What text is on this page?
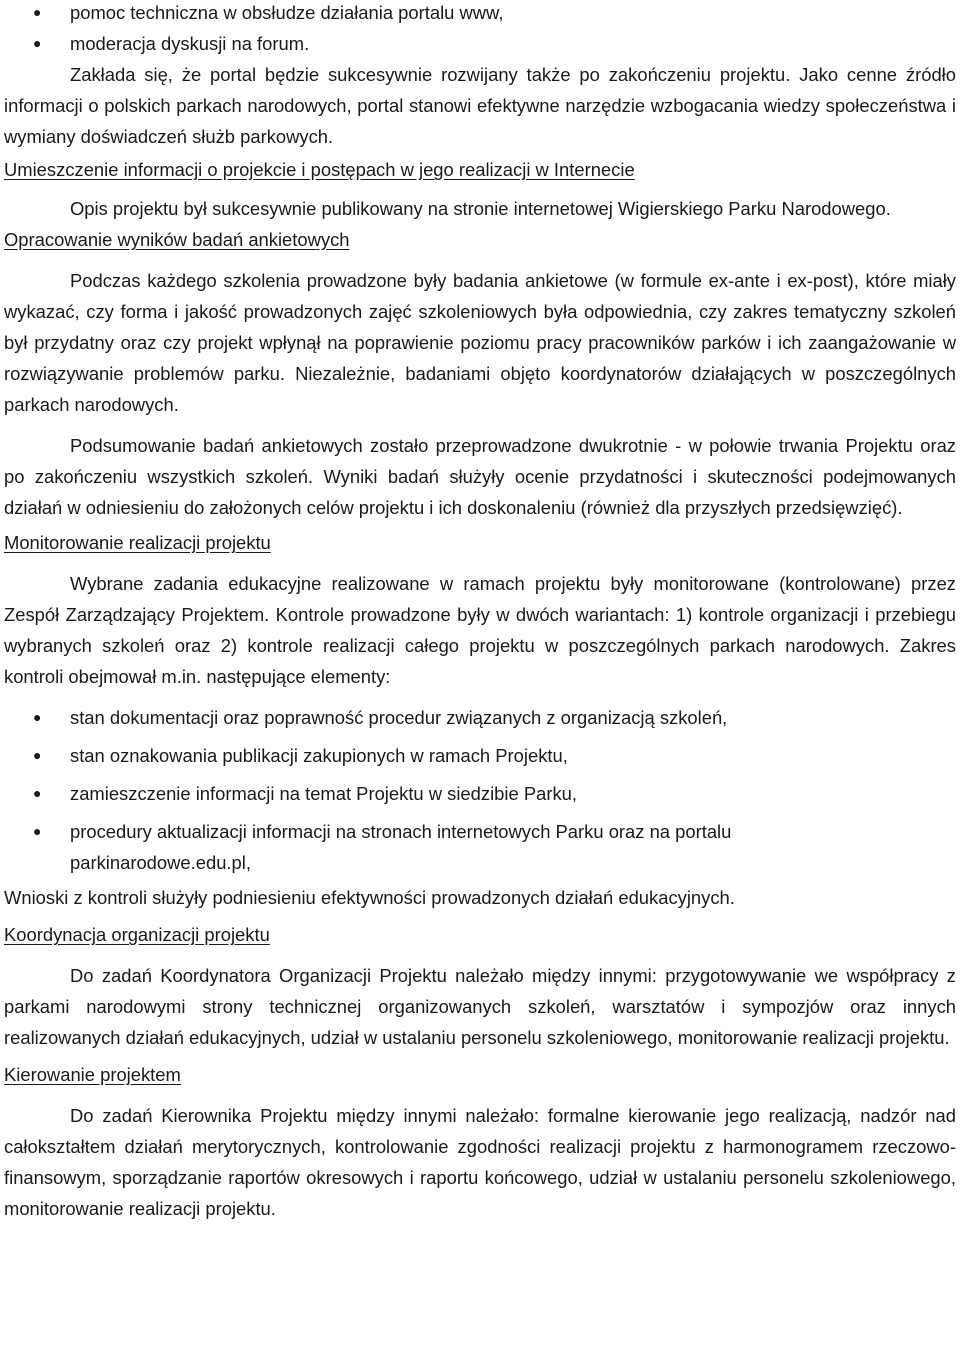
● pomoc techniczna w obsłudze działania portalu www,
● moderacja dyskusji na forum.

Zakłada się, że portal będzie sukcesywnie rozwijany także po zakończeniu projektu. Jako cenne źródło informacji o polskich parkach narodowych, portal stanowi efektywne narzędzie wzbogacania wiedzy społeczeństwa i wymiany doświadczeń służb parkowych.

Umieszczenie informacji o projekcie i postępach w jego realizacji w Internecie

Opis projektu był sukcesywnie publikowany na stronie internetowej Wigierskiego Parku Narodowego.

Opracowanie wyników badań ankietowych

Podczas każdego szkolenia prowadzone były badania ankietowe (w formule ex-ante i ex-post), które miały wykazać, czy forma i jakość prowadzonych zajęć szkoleniowych była odpowiednia, czy zakres tematyczny szkoleń był przydatny oraz czy projekt wpłynął na poprawienie poziomu pracy pracowników parków i ich zaangażowanie w rozwiązywanie problemów parku. Niezależnie, badaniami objęto koordynatorów działających w poszczególnych parkach narodowych.

Podsumowanie badań ankietowych zostało przeprowadzone dwukrotnie - w połowie trwania Projektu oraz po zakończeniu wszystkich szkoleń. Wyniki badań służyły ocenie przydatności i skuteczności podejmowanych działań w odniesieniu do założonych celów projektu i ich doskonaleniu (również dla przyszłych przedsięwzięć).

Monitorowanie realizacji projektu

Wybrane zadania edukacyjne realizowane w ramach projektu były monitorowane (kontrolowane) przez Zespół Zarządzający Projektem. Kontrole prowadzone były w dwóch wariantach: 1) kontrole organizacji i przebiegu wybranych szkoleń oraz 2) kontrole realizacji całego projektu w poszczególnych parkach narodowych. Zakres kontroli obejmował m.in. następujące elementy:

● stan dokumentacji oraz poprawność procedur związanych z organizacją szkoleń,
● stan oznakowania publikacji zakupionych w ramach Projektu,
● zamieszczenie informacji na temat Projektu w siedzibie Parku,
● procedury aktualizacji informacji na stronach internetowych Parku oraz na portalu parkinarodowe.edu.pl,

Wnioski z kontroli służyły podniesieniu efektywności prowadzonych działań edukacyjnych.

Koordynacja organizacji projektu

Do zadań Koordynatora Organizacji Projektu należało między innymi: przygotowywanie we współpracy z parkami narodowymi strony technicznej organizowanych szkoleń, warsztatów i sympozjów oraz innych realizowanych działań edukacyjnych, udział w ustalaniu personelu szkoleniowego, monitorowanie realizacji projektu.

Kierowanie projektem

Do zadań Kierownika Projektu między innymi należało: formalne kierowanie jego realizacją, nadzór nad całokształtem działań merytorycznych, kontrolowanie zgodności realizacji projektu z harmonogramem rzeczowo-finansowym, sporządzanie raportów okresowych i raportu końcowego, udział w ustalaniu personelu szkoleniowego, monitorowanie realizacji projektu.
